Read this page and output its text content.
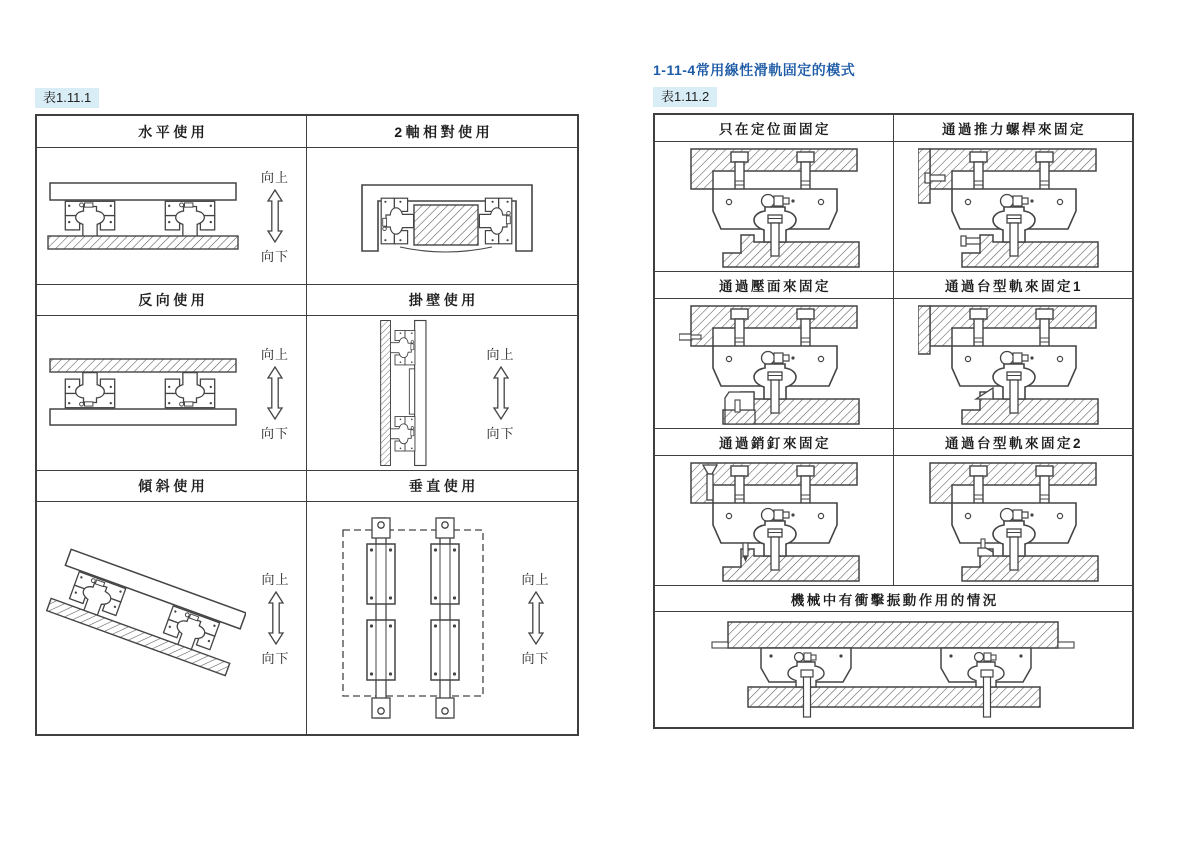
表1.11.1
水平使用	2軸相對使用
向上
向下
反向使用	掛壁使用
向上
向下
向上
向下
傾斜使用	垂直使用
向上
向下
向上
向下
1-11-4常用線性滑軌固定的模式
表1.11.2
只在定位面固定	通過推力螺桿來固定
通過壓面來固定	通過台型軌來固定1
通過銷釘來固定	通過台型軌來固定2
機械中有衝擊振動作用的情況
